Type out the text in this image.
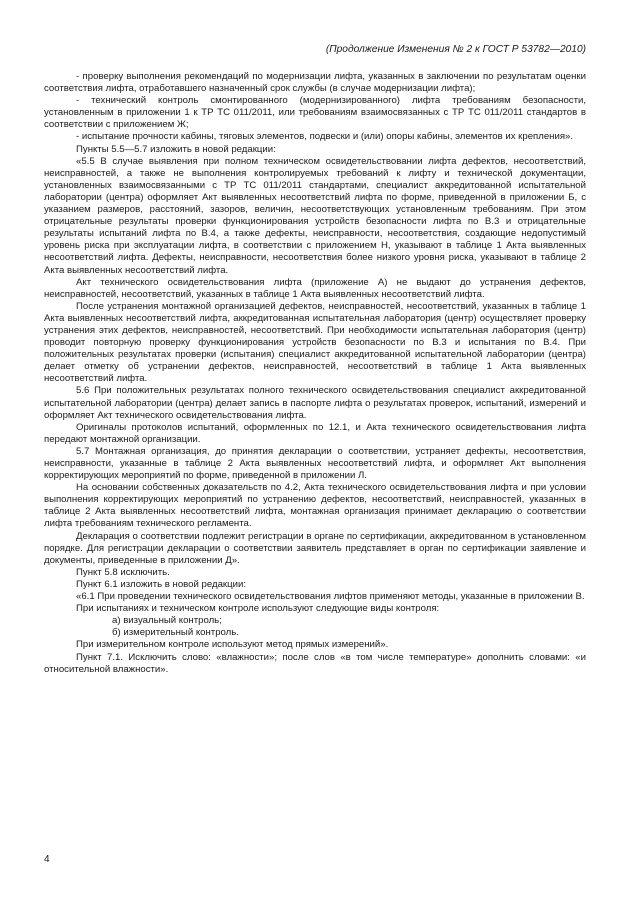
(Продолжение Изменения № 2 к ГОСТ Р 53782—2010)

- проверку выполнения рекомендаций по модернизации лифта, указанных в заключении по результатам оценки соответствия лифта, отработавшего назначенный срок службы (в случае модернизации лифта);

- технический контроль смонтированного (модернизированного) лифта требованиям безопасности, установленным в приложении 1 к ТР ТС 011/2011, или требованиям взаимосвязанных с ТР ТС 011/2011 стандартов в соответствии с приложением Ж;

- испытание прочности кабины, тяговых элементов, подвески и (или) опоры кабины, элементов их крепления».

Пункты 5.5—5.7 изложить в новой редакции:

«5.5 В случае выявления при полном техническом освидетельствовании лифта дефектов, несоответствий, неисправностей, а также не выполнения контролируемых требований к лифту и технической документации, установленных взаимосвязанными с ТР ТС 011/2011 стандартами, специалист аккредитованной испытательной лаборатории (центра) оформляет Акт выявленных несоответствий лифта по форме, приведенной в приложении Б, с указанием размеров, расстояний, зазоров, величин, несоответствующих установленным требованиям. При этом отрицательные результаты проверки функционирования устройств безопасности лифта по В.3 и отрицательные результаты испытаний лифта по В.4, а также дефекты, неисправности, несоответствия, создающие недопустимый уровень риска при эксплуатации лифта, в соответствии с приложением Н, указывают в таблице 1 Акта выявленных несоответствий лифта. Дефекты, неисправности, несоответствия более низкого уровня риска, указывают в таблице 2 Акта выявленных несоответствий лифта.

Акт технического освидетельствования лифта (приложение А) не выдают до устранения дефектов, неисправностей, несоответствий, указанных в таблице 1 Акта выявленных несоответствий лифта.

После устранения монтажной организацией дефектов, неисправностей, несоответствий, указанных в таблице 1 Акта выявленных несоответствий лифта, аккредитованная испытательная лаборатория (центр) осуществляет проверку устранения этих дефектов, неисправностей, несоответствий. При необходимости испытательная лаборатория (центр) проводит повторную проверку функционирования устройств безопасности по В.3 и испытания по В.4. При положительных результатах проверки (испытания) специалист аккредитованной испытательной лаборатории (центра) делает отметку об устранении дефектов, неисправностей, несоответствий в таблице 1 Акта выявленных несоответствий лифта.

5.6 При положительных результатах полного технического освидетельствования специалист аккредитованной испытательной лаборатории (центра) делает запись в паспорте лифта о результатах проверок, испытаний, измерений и оформляет Акт технического освидетельствования лифта.

Оригиналы протоколов испытаний, оформленных по 12.1, и Акта технического освидетельствования лифта передают монтажной организации.

5.7 Монтажная организация, до принятия декларации о соответствии, устраняет дефекты, несоответствия, неисправности, указанные в таблице 2 Акта выявленных несоответствий лифта, и оформляет Акт выполнения корректирующих мероприятий по форме, приведенной в приложении Л.

На основании собственных доказательств по 4.2, Акта технического освидетельствования лифта и при условии выполнения корректирующих мероприятий по устранению дефектов, несоответствий, неисправностей, указанных в таблице 2 Акта выявленных несоответствий лифта, монтажная организация принимает декларацию о соответствии лифта требованиям технического регламента.

Декларация о соответствии подлежит регистрации в органе по сертификации, аккредитованном в установленном порядке. Для регистрации декларации о соответствии заявитель представляет в орган по сертификации заявление и документы, приведенные в приложении Д».

Пункт 5.8 исключить.

Пункт 6.1 изложить в новой редакции:

«6.1 При проведении технического освидетельствования лифтов применяют методы, указанные в приложении В.

При испытаниях и техническом контроле используют следующие виды контроля:

а) визуальный контроль;

б) измерительный контроль.

При измерительном контроле используют метод прямых измерений».

Пункт 7.1. Исключить слово: «влажности»; после слов «в том числе температуре» дополнить словами: «и относительной влажности».

4
